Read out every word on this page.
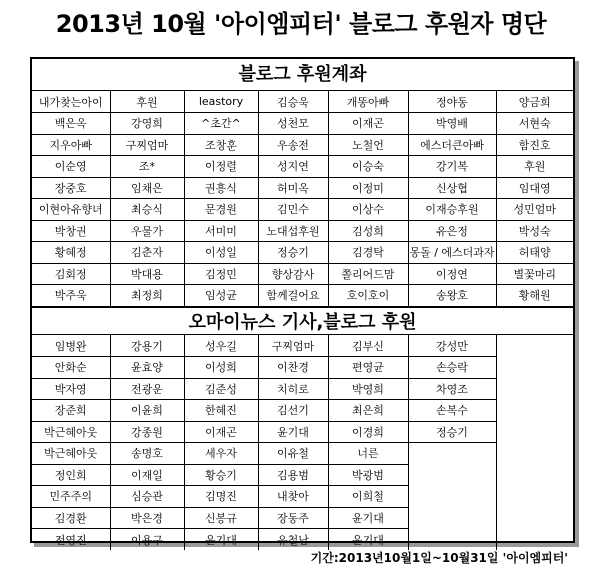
2013년 10월 '아이엠피터' 블로그 후원자 명단
블로그 후원계좌
내가찾는아이	후원	leastory	김승욱	개똥아빠	정야동	양금희
백은옥	강영희	^초간^	성천모	이재곤	박영배	서현숙
지우아빠	구찌엄마	조창훈	우송전	노철언	에스더큰아빠	함진호
이순영	조*	이정렬	성지연	이승숙	강기복	후원
장중호	임채은	권흥식	허미옥	이정미	신상협	임대영
이현아유향녀	최승식	문경원	김민수	이상수	이재승후원	성민엄마
박창권	우물가	서미미	노대섭후원	김성희	유은정	박성숙
황혜정	김춘자	이성일	정승기	김경탁	몽돌 / 에스더과자	허태양
김회정	박대용	김정민	향상감사	쫄리어드맘	이정연	별꽃마리
박주욱	최정희	임성균	함께걸어요	호이호이	송왕호	황해원
오마이뉴스 기사,블로그 후원
임병완	강용기	성우길	구찌엄마	김부신	강성만	
안화순	윤효양	이성희	이찬경	편영균	손승락	
박자영	전광운	김준성	치히로	박영희	차영조	
장준희	이윤희	한혜진	김선기	최은희	손복수	
박근혜아웃	강종원	이재곤	윤기대	이경희	정승기	
박근혜아웃	송명호	세우자	이유철	너른		
정인희	이재일	황승기	김용범	박광범		
민주주의	심승관	김명진	내찾아	이희철		
김경환	박은경	신봉규	장동주	윤기대		
전영진	이용구	윤기대	유철남	윤기대		
기간:2013년10월1일~10월31일 '아이엠피터'
